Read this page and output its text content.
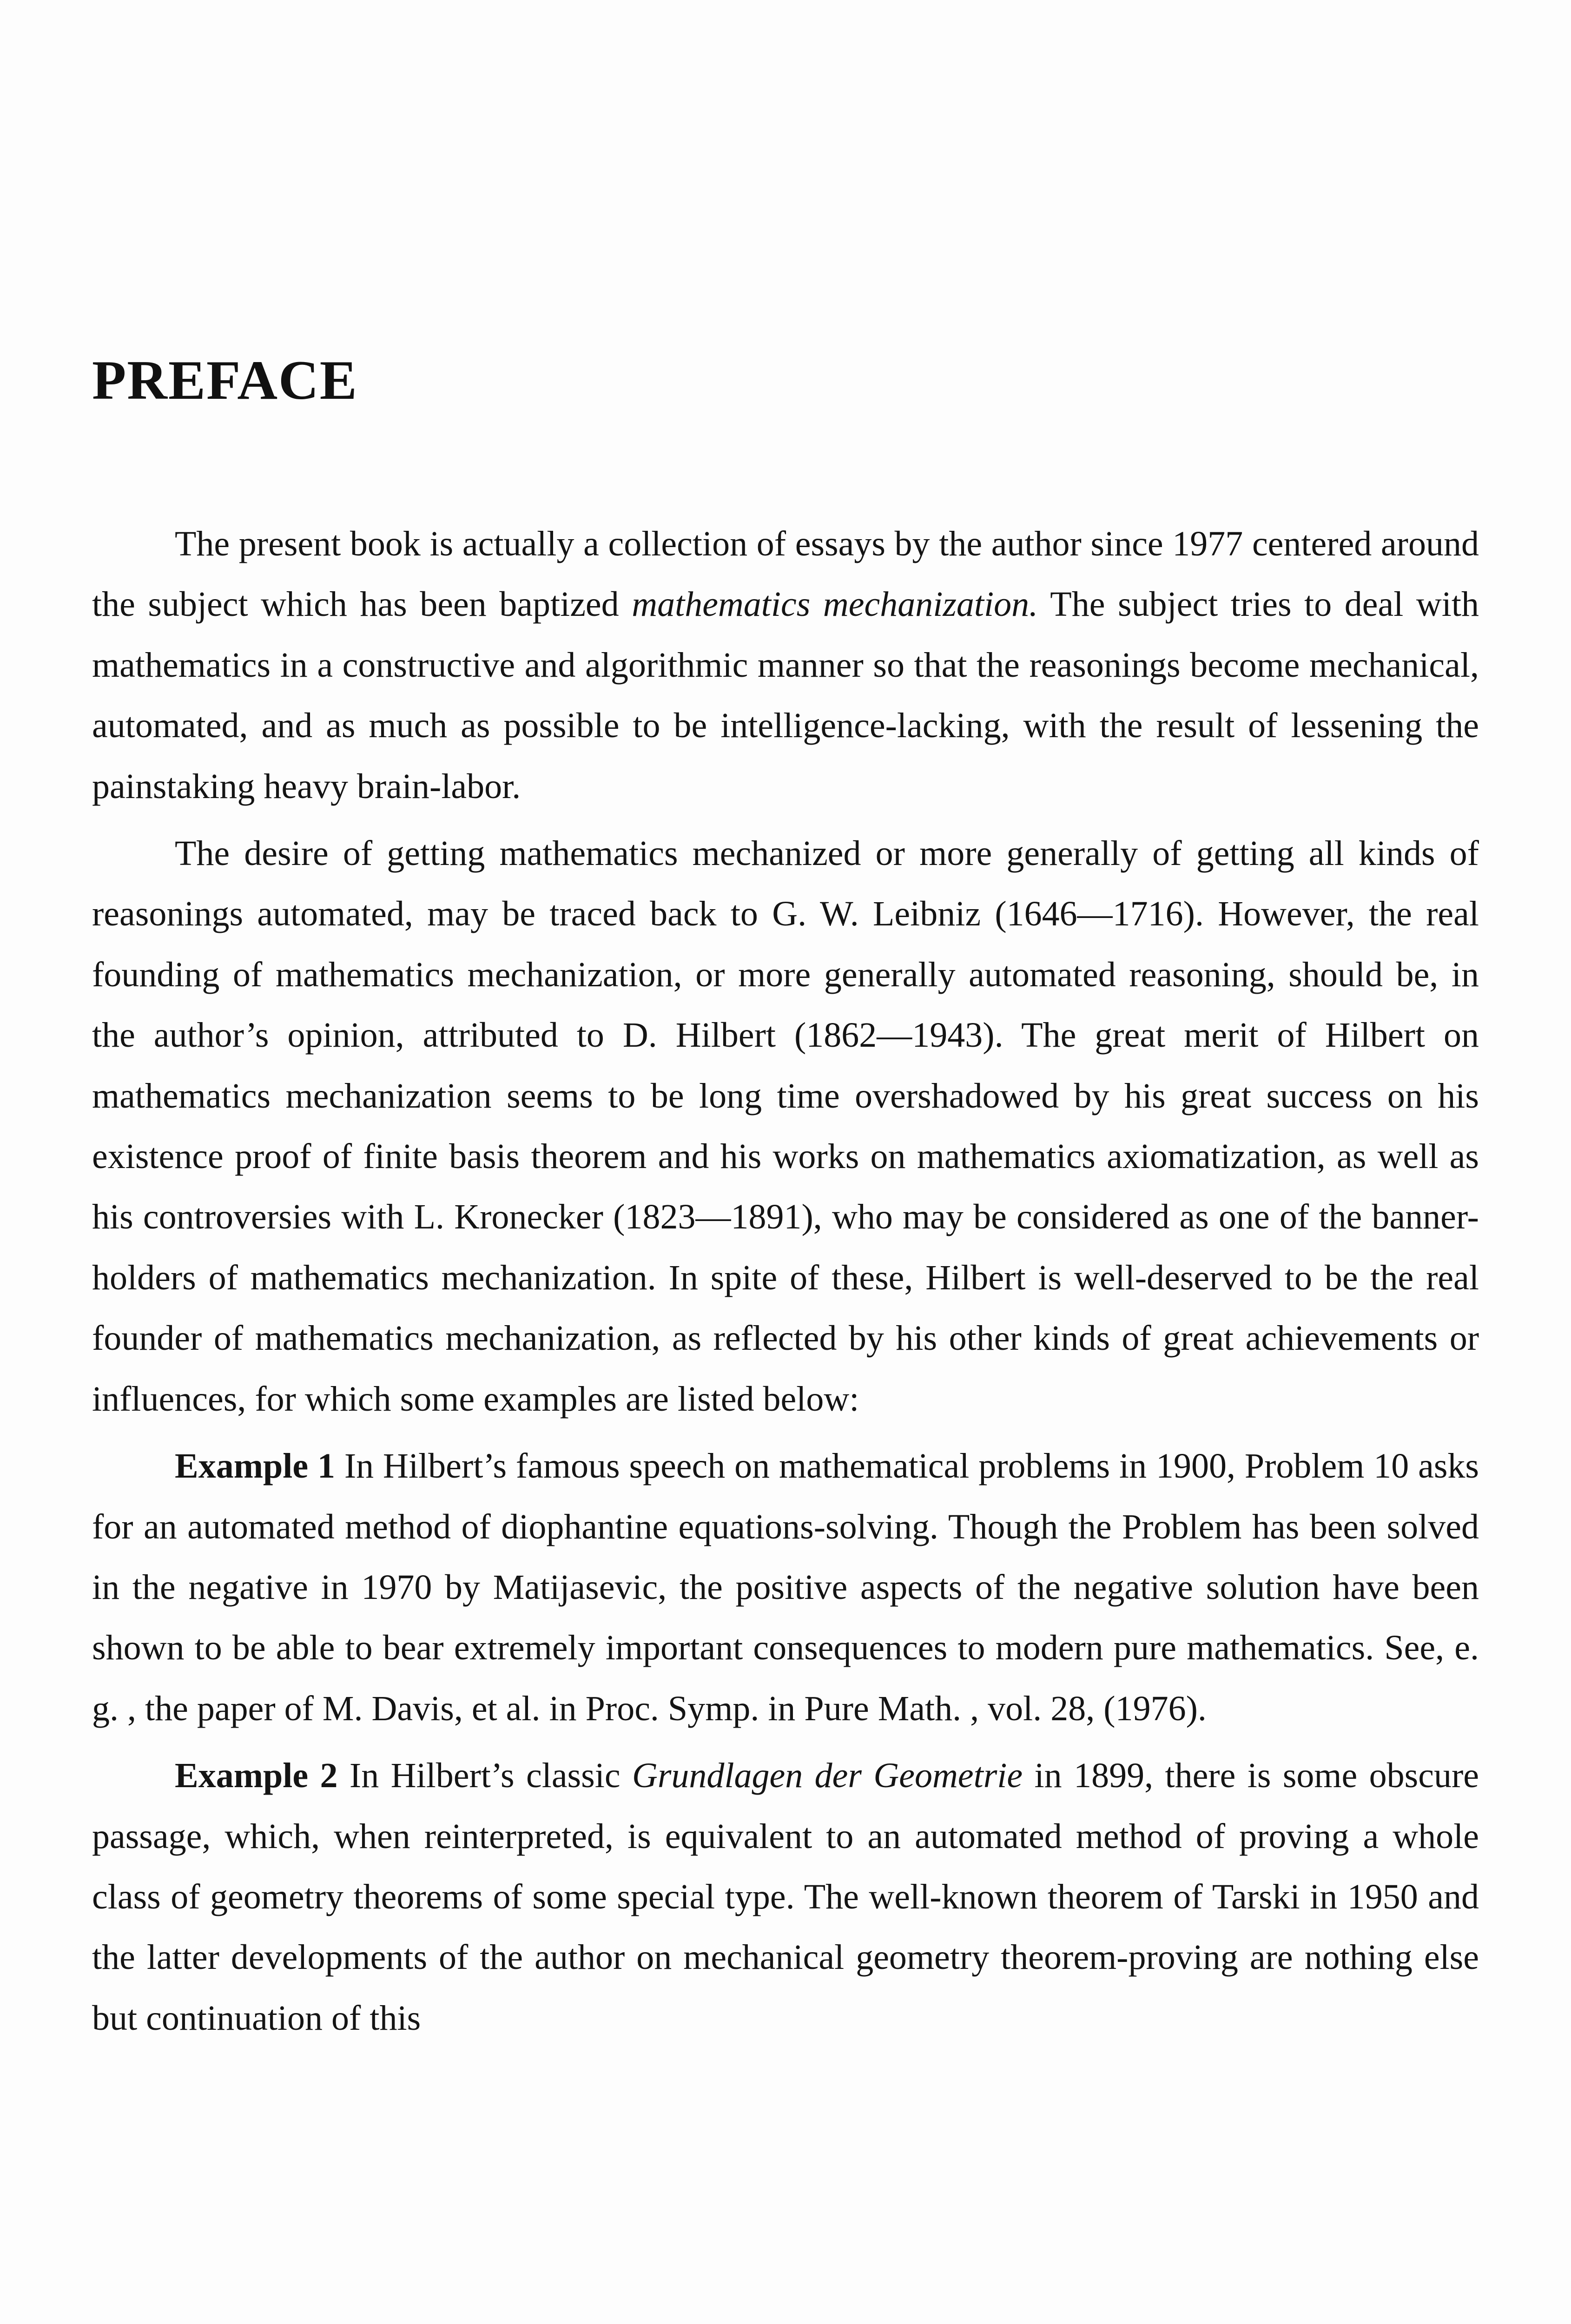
PREFACE

The present book is actually a collection of essays by the author since 1977 centered around the subject which has been baptized mathematics mechanization. The subject tries to deal with mathematics in a constructive and algorithmic manner so that the reasonings become mechanical, automated, and as much as possible to be intelligence-lacking, with the result of lessening the painstaking heavy brain-labor.

The desire of getting mathematics mechanized or more generally of getting all kinds of reasonings automated, may be traced back to G. W. Leibniz (1646—1716). However, the real founding of mathematics mechanization, or more generally automated reasoning, should be, in the author’s opinion, attributed to D. Hilbert (1862—1943). The great merit of Hilbert on mathematics mechanization seems to be long time overshadowed by his great success on his existence proof of finite basis theorem and his works on mathematics axiomatization, as well as his controversies with L. Kronecker (1823—1891), who may be considered as one of the banner-holders of mathematics mechanization. In spite of these, Hilbert is well-deserved to be the real founder of mathematics mechanization, as reflected by his other kinds of great achievements or influences, for which some examples are listed below:

Example 1 In Hilbert’s famous speech on mathematical problems in 1900, Problem 10 asks for an automated method of diophantine equations-solving. Though the Problem has been solved in the negative in 1970 by Matijasevic, the positive aspects of the negative solution have been shown to be able to bear extremely important consequences to modern pure mathematics. See, e. g. , the paper of M. Davis, et al. in Proc. Symp. in Pure Math. , vol. 28, (1976).

Example 2 In Hilbert’s classic Grundlagen der Geometrie in 1899, there is some obscure passage, which, when reinterpreted, is equivalent to an automated method of proving a whole class of geometry theorems of some special type. The well-known theorem of Tarski in 1950 and the latter developments of the author on mechanical geometry theorem-proving are nothing else but continuation of this
